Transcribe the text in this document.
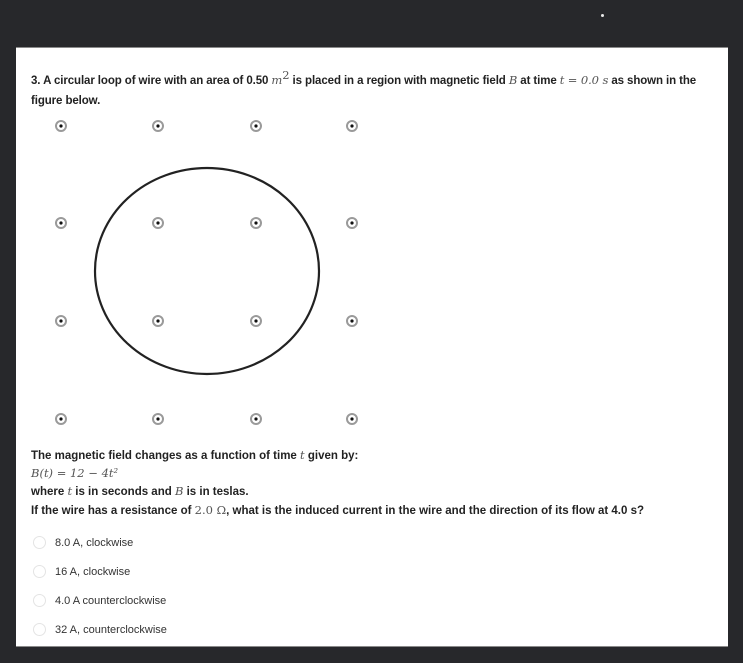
3. A circular loop of wire with an area of 0.50 $m^2$ is placed in a region with magnetic field B at time t = 0.0 s as shown in the figure below.
The magnetic field changes as a function of time t given by:
B(t) = 12 − 4t²
where t is in seconds and B is in teslas.
If the wire has a resistance of 2.0 Ω, what is the induced current in the wire and the direction of its flow at 4.0 s?
8.0 A, clockwise
16 A, clockwise
4.0 A counterclockwise
32 A, counterclockwise
